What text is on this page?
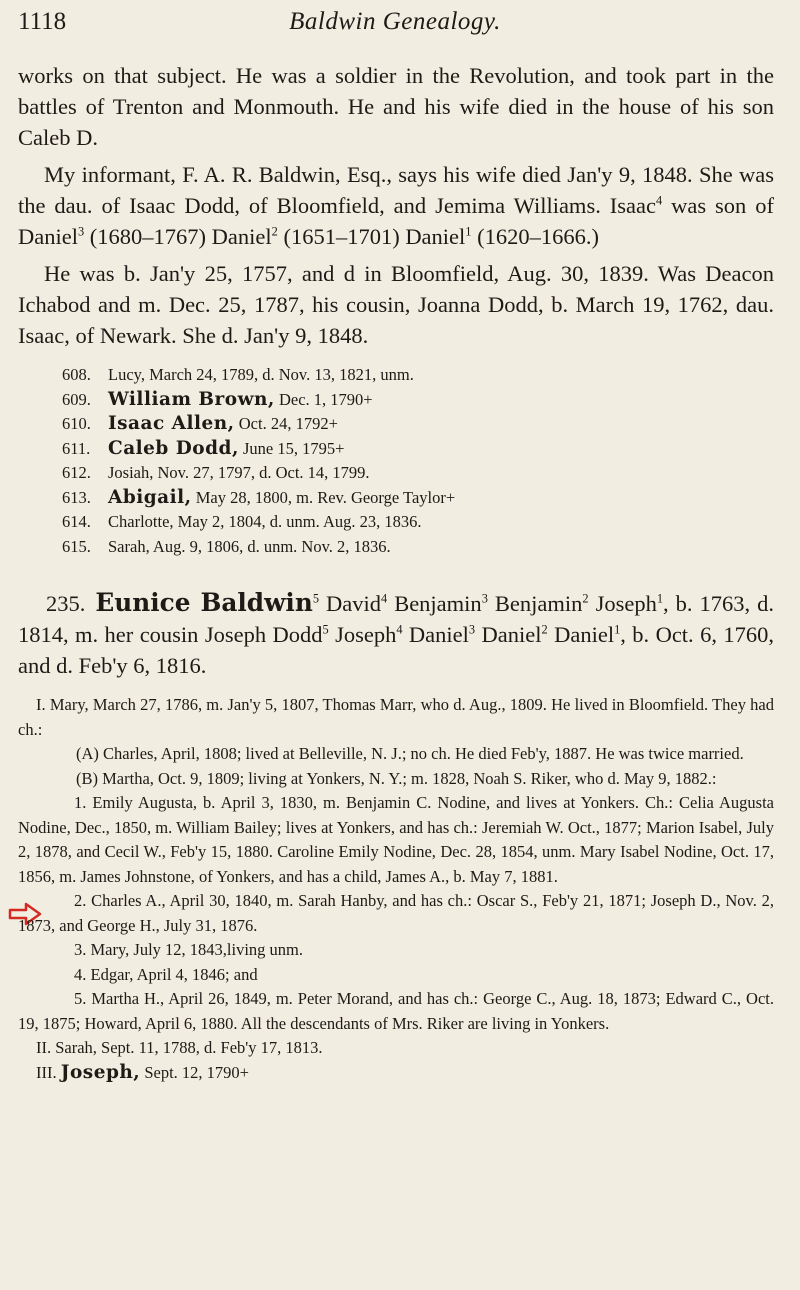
1118	Baldwin Genealogy.

works on that subject. He was a soldier in the Revolution, and took part in the battles of Trenton and Monmouth. He and his wife died in the house of his son Caleb D.

My informant, F. A. R. Baldwin, Esq., says his wife died Jan'y 9, 1848. She was the dau. of Isaac Dodd, of Bloomfield, and Jemima Williams. Isaac$^4$ was son of Daniel$^3$ (1680–1767) Daniel$^2$ (1651–1701) Daniel$^1$ (1620–1666.)

He was b. Jan'y 25, 1757, and d in Bloomfield, Aug. 30, 1839. Was Deacon Ichabod and m. Dec. 25, 1787, his cousin, Joanna Dodd, b. March 19, 1762, dau. Isaac, of Newark. She d. Jan'y 9, 1848.

608. Lucy, March 24, 1789, d. Nov. 13, 1821, unm.
609. William Brown, Dec. 1, 1790+
610. Isaac Allen, Oct. 24, 1792+
611. Caleb Dodd, June 15, 1795+
612. Josiah, Nov. 27, 1797, d. Oct. 14, 1799.
613. Abigail, May 28, 1800, m. Rev. George Taylor+
614. Charlotte, May 2, 1804, d. unm. Aug. 23, 1836.
615. Sarah, Aug. 9, 1806, d. unm. Nov. 2, 1836.
235. Eunice Baldwin$^5$ David$^4$ Benjamin$^3$ Benjamin$^2$ Joseph$^1$, b. 1763, d. 1814, m. her cousin Joseph Dodd$^5$ Joseph$^4$ Daniel$^3$ Daniel$^2$ Daniel$^1$, b. Oct. 6, 1760, and d. Feb'y 6, 1816.

I. Mary, March 27, 1786, m. Jan'y 5, 1807, Thomas Marr, who d. Aug., 1809. He lived in Bloomfield. They had ch.:

(A) Charles, April, 1808; lived at Belleville, N. J.; no ch. He died Feb'y, 1887. He was twice married.

(B) Martha, Oct. 9, 1809; living at Yonkers, N. Y.; m. 1828, Noah S. Riker, who d. May 9, 1882.:

1. Emily Augusta, b. April 3, 1830, m. Benjamin C. Nodine, and lives at Yonkers. Ch.: Celia Augusta Nodine, Dec., 1850, m. William Bailey; lives at Yonkers, and has ch.: Jeremiah W. Oct., 1877; Marion Isabel, July 2, 1878, and Cecil W., Feb'y 15, 1880. Caroline Emily Nodine, Dec. 28, 1854, unm. Mary Isabel Nodine, Oct. 17, 1856, m. James Johnstone, of Yonkers, and has a child, James A., b. May 7, 1881.

2. Charles A., April 30, 1840, m. Sarah Hanby, and has ch.: Oscar S., Feb'y 21, 1871; Joseph D., Nov. 2, 1873, and George H., July 31, 1876.

3. Mary, July 12, 1843,living unm.

4. Edgar, April 4, 1846; and

5. Martha H., April 26, 1849, m. Peter Morand, and has ch.: George C., Aug. 18, 1873; Edward C., Oct. 19, 1875; Howard, April 6, 1880. All the descendants of Mrs. Riker are living in Yonkers.

II. Sarah, Sept. 11, 1788, d. Feb'y 17, 1813.

III. Joseph, Sept. 12, 1790+
